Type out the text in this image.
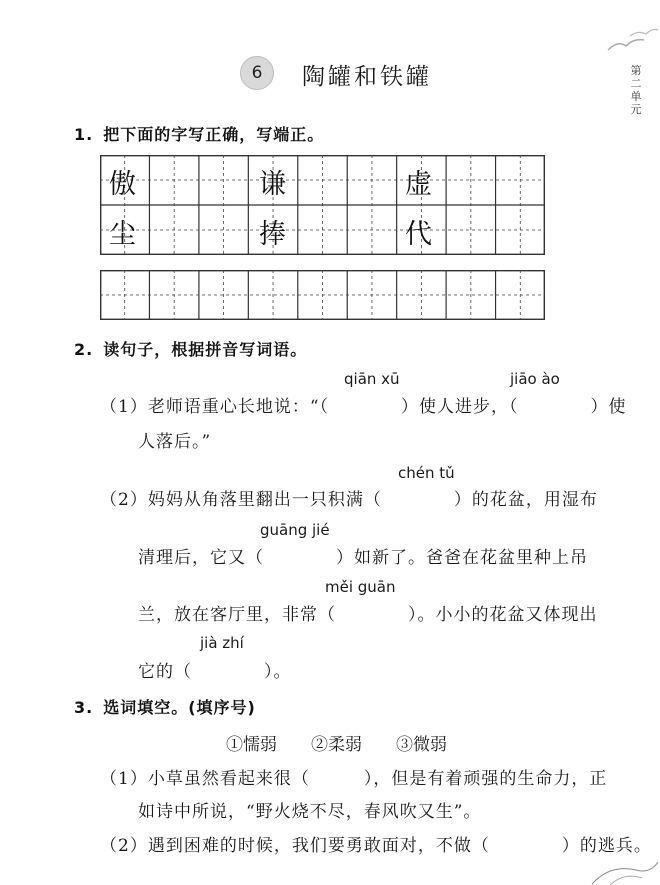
6	陶罐和铁罐	第二单元
1. 把下面的字写正确，写端正。
傲	谦	虚
尘	捧	代
2. 读句子，根据拼音写词语。
qiān xū	jiāo ào
（1）老师语重心长地说：“（　　　　）使人进步，（　　　　）使
人落后。”
chén tǔ
（2）妈妈从角落里翻出一只积满（　　　　）的花盆，用湿布
guāng jié
清理后，它又（　　　　）如新了。爸爸在花盆里种上吊
měi guān
兰，放在客厅里，非常（　　　　）。小小的花盆又体现出
jià zhí
它的（　　　　）。
3. 选词填空。(填序号)
①懦弱 ②柔弱 ③微弱
（1）小草虽然看起来很（　　　），但是有着顽强的生命力，正
如诗中所说，“野火烧不尽，春风吹又生”。
（2）遇到困难的时候，我们要勇敢面对，不做（　　　　）的逃兵。
